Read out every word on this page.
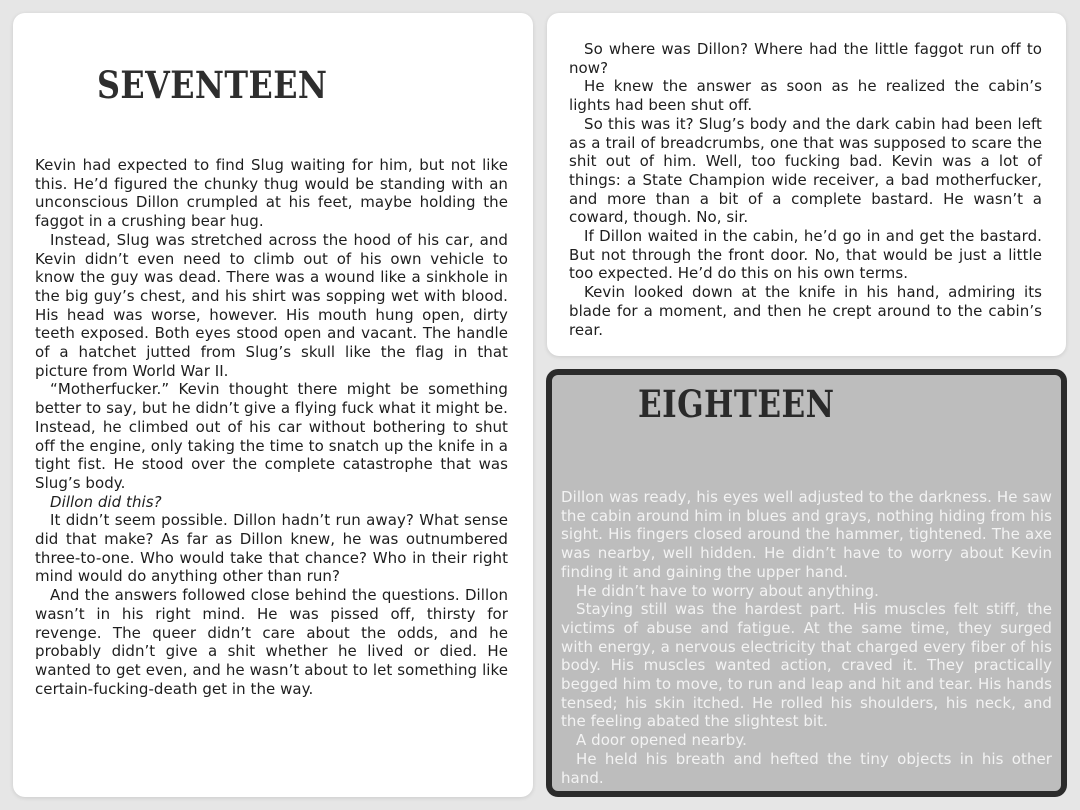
SEVENTEEN

Kevin had expected to find Slug waiting for him, but not like this. He’d figured the chunky thug would be standing with an unconscious Dillon crumpled at his feet, maybe holding the faggot in a crushing bear hug.

Instead, Slug was stretched across the hood of his car, and Kevin didn’t even need to climb out of his own vehicle to know the guy was dead. There was a wound like a sinkhole in the big guy’s chest, and his shirt was sopping wet with blood. His head was worse, however. His mouth hung open, dirty teeth exposed. Both eyes stood open and vacant. The handle of a hatchet jutted from Slug’s skull like the flag in that picture from World War II.

“Motherfucker.” Kevin thought there might be something better to say, but he didn’t give a flying fuck what it might be. Instead, he climbed out of his car without bothering to shut off the engine, only taking the time to snatch up the knife in a tight fist. He stood over the complete catastrophe that was Slug’s body.

Dillon did this?

It didn’t seem possible. Dillon hadn’t run away? What sense did that make? As far as Dillon knew, he was outnumbered three-to-one. Who would take that chance? Who in their right mind would do anything other than run?

And the answers followed close behind the questions. Dillon wasn’t in his right mind. He was pissed off, thirsty for revenge. The queer didn’t care about the odds, and he probably didn’t give a shit whether he lived or died. He wanted to get even, and he wasn’t about to let something like certain-fucking-death get in the way.

So where was Dillon? Where had the little faggot run off to now?

He knew the answer as soon as he realized the cabin’s lights had been shut off.

So this was it? Slug’s body and the dark cabin had been left as a trail of breadcrumbs, one that was supposed to scare the shit out of him. Well, too fucking bad. Kevin was a lot of things: a State Champion wide receiver, a bad motherfucker, and more than a bit of a complete bastard. He wasn’t a coward, though. No, sir.

If Dillon waited in the cabin, he’d go in and get the bastard. But not through the front door. No, that would be just a little too expected. He’d do this on his own terms.

Kevin looked down at the knife in his hand, admiring its blade for a moment, and then he crept around to the cabin’s rear.

EIGHTEEN

Dillon was ready, his eyes well adjusted to the darkness. He saw the cabin around him in blues and grays, nothing hiding from his sight. His fingers closed around the hammer, tightened. The axe was nearby, well hidden. He didn’t have to worry about Kevin finding it and gaining the upper hand.

He didn’t have to worry about anything.

Staying still was the hardest part. His muscles felt stiff, the victims of abuse and fatigue. At the same time, they surged with energy, a nervous electricity that charged every fiber of his body. His muscles wanted action, craved it. They practically begged him to move, to run and leap and hit and tear. His hands tensed; his skin itched. He rolled his shoulders, his neck, and the feeling abated the slightest bit.

A door opened nearby.

He held his breath and hefted the tiny objects in his other hand.
